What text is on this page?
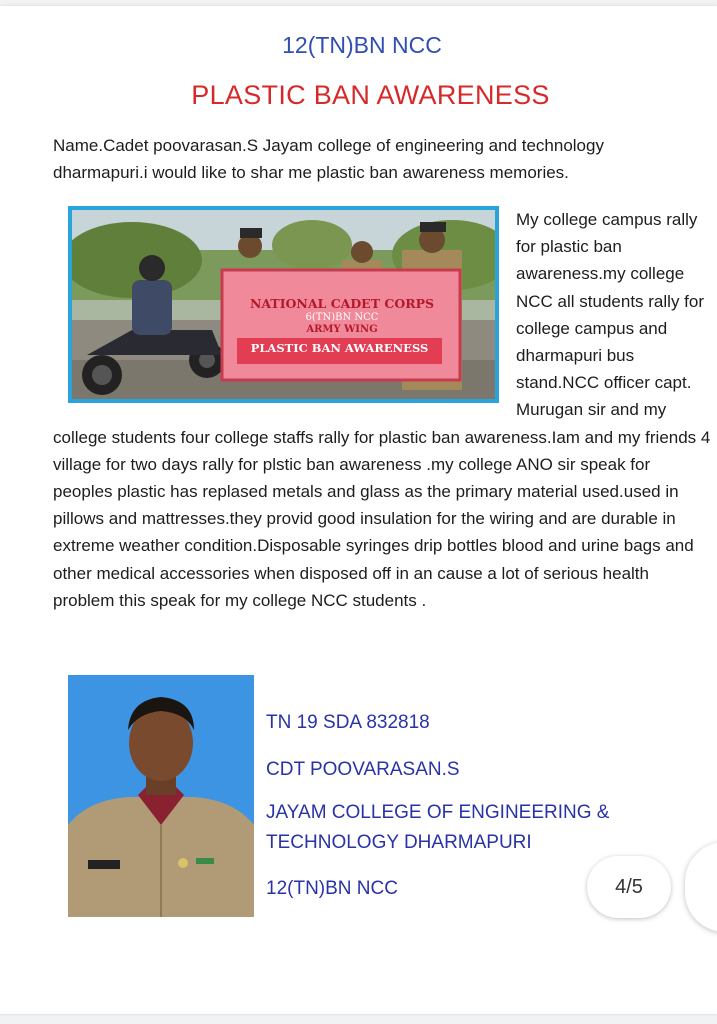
12(TN)BN NCC
PLASTIC BAN AWARENESS

Name.Cadet poovarasan.S Jayam college of engineering and technology dharmapuri.i would like to shar me plastic ban awareness memories.

My college campus rally for plastic ban awareness.my college NCC all students rally for college campus and dharmapuri bus stand.NCC officer capt. Murugan sir and my college students four college staffs rally for plastic ban awareness.Iam and my friends 4 village for two days rally for plstic ban awareness .my college ANO sir speak for peoples plastic has replased metals and glass as the primary material used.used in pillows and mattresses.they provid good insulation for the wiring and are durable in extreme weather condition.Disposable syringes drip bottles blood and urine bags and other medical accessories when disposed off in an cause a lot of serious health problem this speak for my college NCC students .

NATIONAL CADET CORPS
6(TN)BN NCC
ARMY WING
PLASTIC BAN AWARENESS
TN 19 SDA 832818
CDT POOVARASAN.S
JAYAM COLLEGE OF ENGINEERING &
TECHNOLOGY DHARMAPURI
12(TN)BN NCC	4/5
